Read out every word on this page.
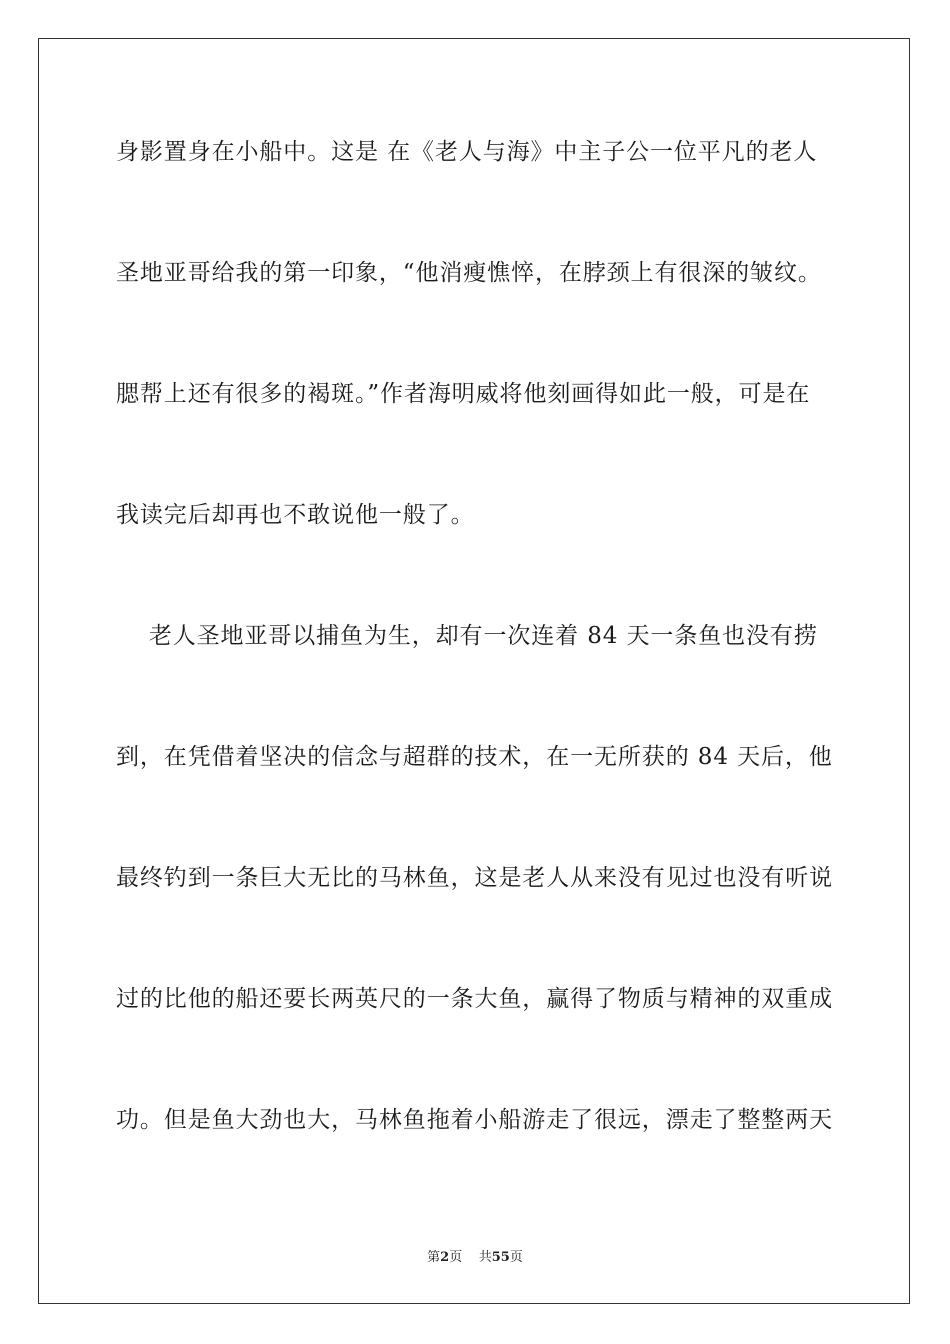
身影置身在小船中。这是 在《老人与海》中主子公一位平凡的老人
圣地亚哥给我的第一印象，“他消瘦憔悴，在脖颈上有很深的皱纹。
腮帮上还有很多的褐斑。”作者海明威将他刻画得如此一般，可是在
我读完后却再也不敢说他一般了。
老人圣地亚哥以捕鱼为生，却有一次连着 84 天一条鱼也没有捞
到，在凭借着坚决的信念与超群的技术，在一无所获的 84 天后，他
最终钓到一条巨大无比的马林鱼，这是老人从来没有见过也没有听说
过的比他的船还要长两英尺的一条大鱼，赢得了物质与精神的双重成
功。但是鱼大劲也大，马林鱼拖着小船游走了很远，漂走了整整两天
第2页 共55页
